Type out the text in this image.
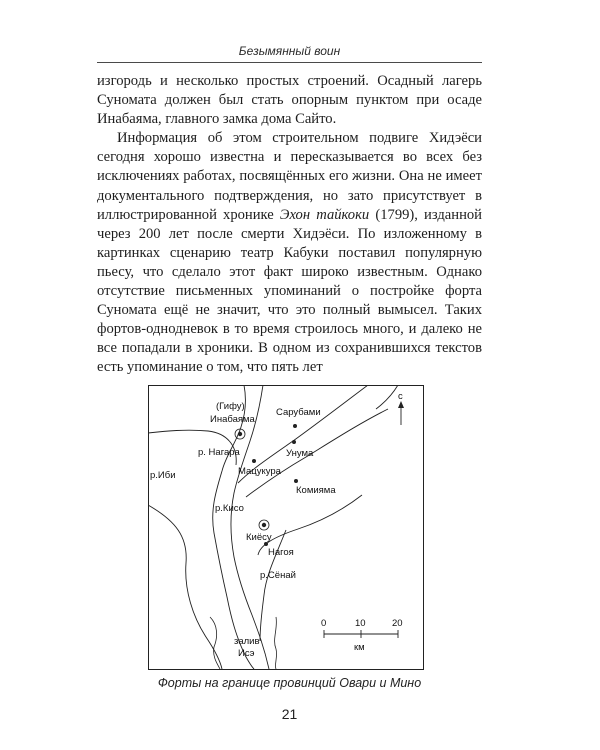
Безымянный воин

изгородь и несколько простых строений. Осадный лагерь Суномата должен был стать опорным пунктом при осаде Инабаяма, главного замка дома Сайто.

Информация об этом строительном подвиге Хидэёси сегодня хорошо известна и пересказывается во всех без исключениях работах, посвящённых его жизни. Она не имеет документального подтверждения, но зато присутствует в иллюстрированной хронике Эхон тайкоки (1799), изданной через 200 лет после смерти Хидэёси. По изложенному в картинках сценарию театр Кабуки поставил популярную пьесу, что сделало этот факт широко известным. Однако отсутствие письменных упоминаний о постройке форта Суномата ещё не значит, что это полный вымысел. Таких фортов-однодневок в то время строилось много, и далеко не все попадали в хроники. В одном из сохранившихся текстов есть упоминание о том, что пять лет

(Гифу)
Инабаяма
Сарубами
Унума
р. Нагара
р.Иби	Мацукура
Комияма
р.Кисо
Киёсу
Нагоя
р.Сёнай
залив
Исэ
с
0	10	20
км
Форты на границе провинций Овари и Мино
21
